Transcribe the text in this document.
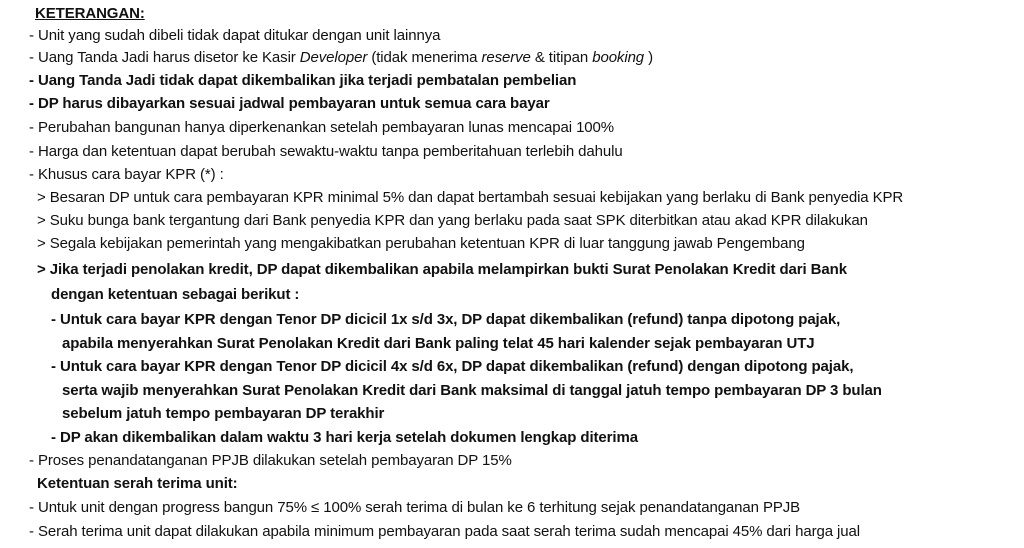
KETERANGAN:
- Unit yang sudah dibeli tidak dapat ditukar dengan unit lainnya
- Uang Tanda Jadi harus disetor ke Kasir Developer (tidak menerima reserve & titipan booking )
- Uang Tanda Jadi tidak dapat dikembalikan jika terjadi pembatalan pembelian
- DP harus dibayarkan sesuai jadwal pembayaran untuk semua cara bayar
- Perubahan bangunan hanya diperkenankan setelah pembayaran lunas mencapai 100%
- Harga dan ketentuan dapat berubah sewaktu-waktu tanpa pemberitahuan terlebih dahulu
- Khusus cara bayar KPR (*) :
> Besaran DP untuk cara pembayaran KPR minimal 5% dan dapat bertambah sesuai kebijakan yang berlaku di Bank penyedia KPR
> Suku bunga bank tergantung dari Bank penyedia KPR dan yang berlaku pada saat SPK diterbitkan atau akad KPR dilakukan
> Segala kebijakan pemerintah yang mengakibatkan perubahan ketentuan KPR di luar tanggung jawab Pengembang
> Jika terjadi penolakan kredit, DP dapat dikembalikan apabila melampirkan bukti Surat Penolakan Kredit dari Bank
dengan ketentuan sebagai berikut :
- Untuk cara bayar KPR dengan Tenor DP dicicil 1x s/d 3x, DP dapat dikembalikan (refund) tanpa dipotong pajak,
apabila menyerahkan Surat Penolakan Kredit dari Bank paling telat 45 hari kalender sejak pembayaran UTJ
- Untuk cara bayar KPR dengan Tenor DP dicicil 4x s/d 6x, DP dapat dikembalikan (refund) dengan dipotong pajak,
serta wajib menyerahkan Surat Penolakan Kredit dari Bank maksimal di tanggal jatuh tempo pembayaran DP 3 bulan
sebelum jatuh tempo pembayaran DP terakhir
- DP akan dikembalikan dalam waktu 3 hari kerja setelah dokumen lengkap diterima
- Proses penandatanganan PPJB dilakukan setelah pembayaran DP 15%
Ketentuan serah terima unit:
- Untuk unit dengan progress bangun 75% ≤ 100% serah terima di bulan ke 6 terhitung sejak penandatanganan PPJB
- Serah terima unit dapat dilakukan apabila minimum pembayaran pada saat serah terima sudah mencapai 45% dari harga jual
